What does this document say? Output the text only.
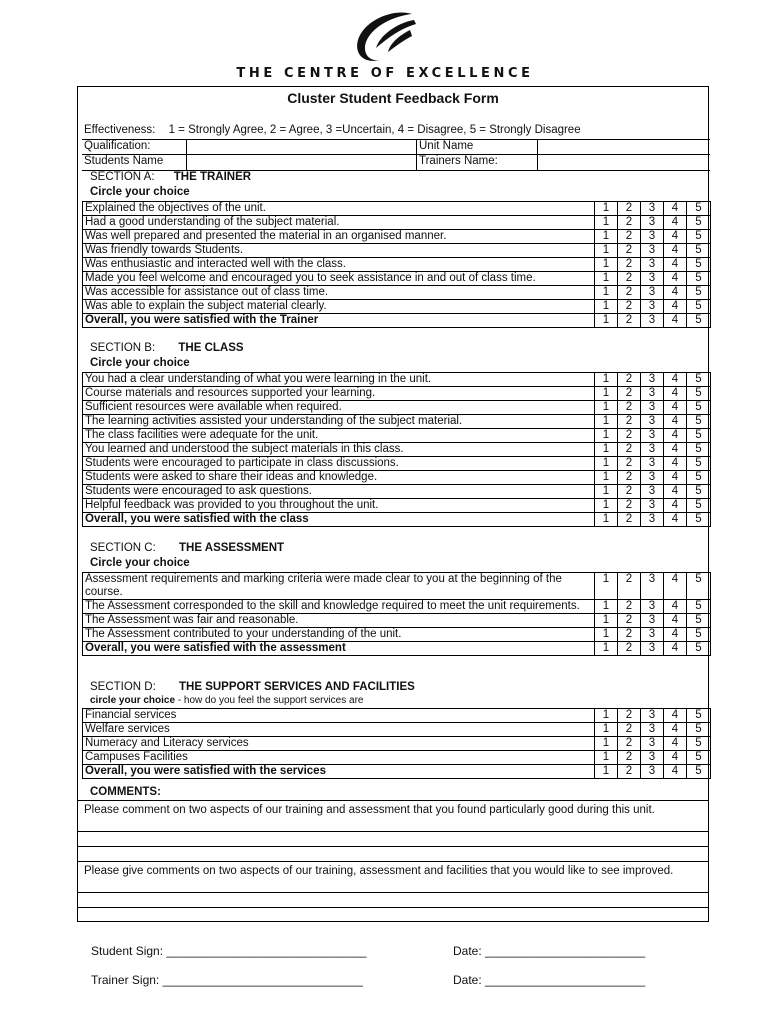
THE CENTRE OF EXCELLENCE
Cluster Student Feedback Form
Effectiveness: 1 = Strongly Agree, 2 = Agree, 3 =Uncertain, 4 = Disagree, 5 = Strongly Disagree
Qualification:	Unit Name
Students Name	Trainers Name:
SECTION A: THE TRAINER
Circle your choice
Explained the objectives of the unit.	1	2	3	4	5
Had a good understanding of the subject material.	1	2	3	4	5
Was well prepared and presented the material in an organised manner.	1	2	3	4	5
Was friendly towards Students.	1	2	3	4	5
Was enthusiastic and interacted well with the class.	1	2	3	4	5
Made you feel welcome and encouraged you to seek assistance in and out of class time.	1	2	3	4	5
Was accessible for assistance out of class time.	1	2	3	4	5
Was able to explain the subject material clearly.	1	2	3	4	5
Overall, you were satisfied with the Trainer	1	2	3	4	5
SECTION B: THE CLASS
Circle your choice
You had a clear understanding of what you were learning in the unit.	1	2	3	4	5
Course materials and resources supported your learning.	1	2	3	4	5
Sufficient resources were available when required.	1	2	3	4	5
The learning activities assisted your understanding of the subject material.	1	2	3	4	5
The class facilities were adequate for the unit.	1	2	3	4	5
You learned and understood the subject materials in this class.	1	2	3	4	5
Students were encouraged to participate in class discussions.	1	2	3	4	5
Students were asked to share their ideas and knowledge.	1	2	3	4	5
Students were encouraged to ask questions.	1	2	3	4	5
Helpful feedback was provided to you throughout the unit.	1	2	3	4	5
Overall, you were satisfied with the class	1	2	3	4	5
SECTION C: THE ASSESSMENT
Circle your choice
Assessment requirements and marking criteria were made clear to you at the beginning of the course.	1	2	3	4	5
The Assessment corresponded to the skill and knowledge required to meet the unit requirements.	1	2	3	4	5
The Assessment was fair and reasonable.	1	2	3	4	5
The Assessment contributed to your understanding of the unit.	1	2	3	4	5
Overall, you were satisfied with the assessment	1	2	3	4	5
SECTION D: THE SUPPORT SERVICES AND FACILITIES
circle your choice - how do you feel the support services are
Financial services	1	2	3	4	5
Welfare services	1	2	3	4	5
Numeracy and Literacy services	1	2	3	4	5
Campuses Facilities	1	2	3	4	5
Overall, you were satisfied with the services	1	2	3	4	5
COMMENTS:
Please comment on two aspects of our training and assessment that you found particularly good during this unit.
Please give comments on two aspects of our training, assessment and facilities that you would like to see improved.
Student Sign: ______________________________	Date: ________________________
Trainer Sign: ______________________________	Date: ________________________
